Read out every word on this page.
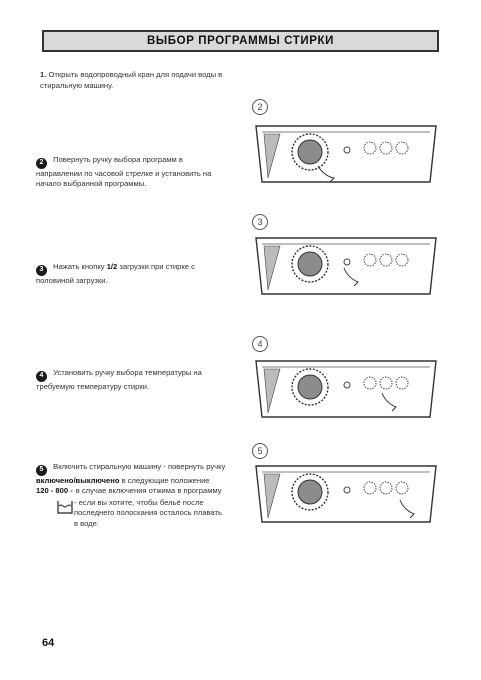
ВЫБОР ПРОГРАММЫ СТИРКИ
1. Открыть водопроводный кран для подачи воды в стиральную машину.
2 Повернуть ручку выбора программ в направлении по часовой стрелке и установить на начало выбранной программы.
3 Нажать кнопку 1/2 загрузки при стирке с половиной загрузки.
4 Установить ручку выбора температуры на требуемую температуру стирки.
5 Включить стиральную машину - повернуть ручку включено/выключено в следующие положение
120 - 800 - в случае включения отжима в программу
- если вы хотите, чтобы бельё после последнего полоскания осталось плавать в воде.
2
3
4
5
64
